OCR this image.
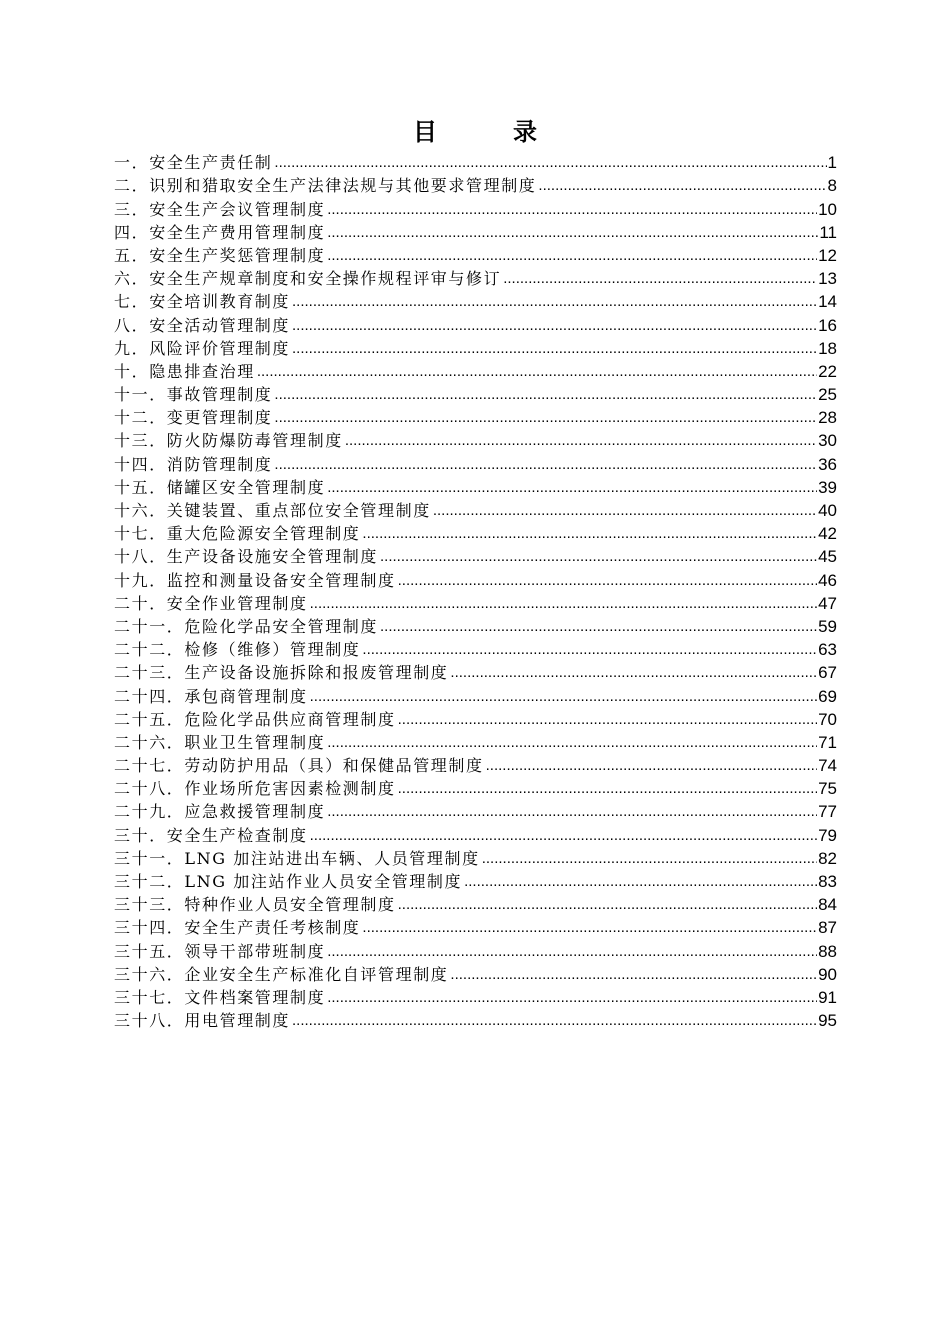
目　录
一．安全生产责任制 .....	1
二．识别和猎取安全生产法律法规与其他要求管理制度 .....	8
三．安全生产会议管理制度 .....	10
四．安全生产费用管理制度 .....	11
五．安全生产奖惩管理制度 .....	12
六．安全生产规章制度和安全操作规程评审与修订 .....	13
七．安全培训教育制度 .....	14
八．安全活动管理制度 .....	16
九．风险评价管理制度 .....	18
十．隐患排查治理 .....	22
十一．事故管理制度 .....	25
十二．变更管理制度 .....	28
十三．防火防爆防毒管理制度 .....	30
十四．消防管理制度 .....	36
十五．储罐区安全管理制度 .....	39
十六．关键装置、重点部位安全管理制度 .....	40
十七．重大危险源安全管理制度 .....	42
十八．生产设备设施安全管理制度 .....	45
十九．监控和测量设备安全管理制度 .....	46
二十．安全作业管理制度 .....	47
二十一．危险化学品安全管理制度 .....	59
二十二．检修（维修）管理制度 .....	63
二十三．生产设备设施拆除和报废管理制度 .....	67
二十四．承包商管理制度 .....	69
二十五．危险化学品供应商管理制度 .....	70
二十六．职业卫生管理制度 .....	71
二十七．劳动防护用品（具）和保健品管理制度 .....	74
二十八．作业场所危害因素检测制度 .....	75
二十九．应急救援管理制度 .....	77
三十．安全生产检查制度 .....	79
三十一．LNG 加注站进出车辆、人员管理制度 .....	82
三十二．LNG 加注站作业人员安全管理制度 .....	83
三十三．特种作业人员安全管理制度 .....	84
三十四．安全生产责任考核制度 .....	87
三十五．领导干部带班制度 .....	88
三十六．企业安全生产标准化自评管理制度 .....	90
三十七．文件档案管理制度 .....	91
三十八．用电管理制度 .....	95
